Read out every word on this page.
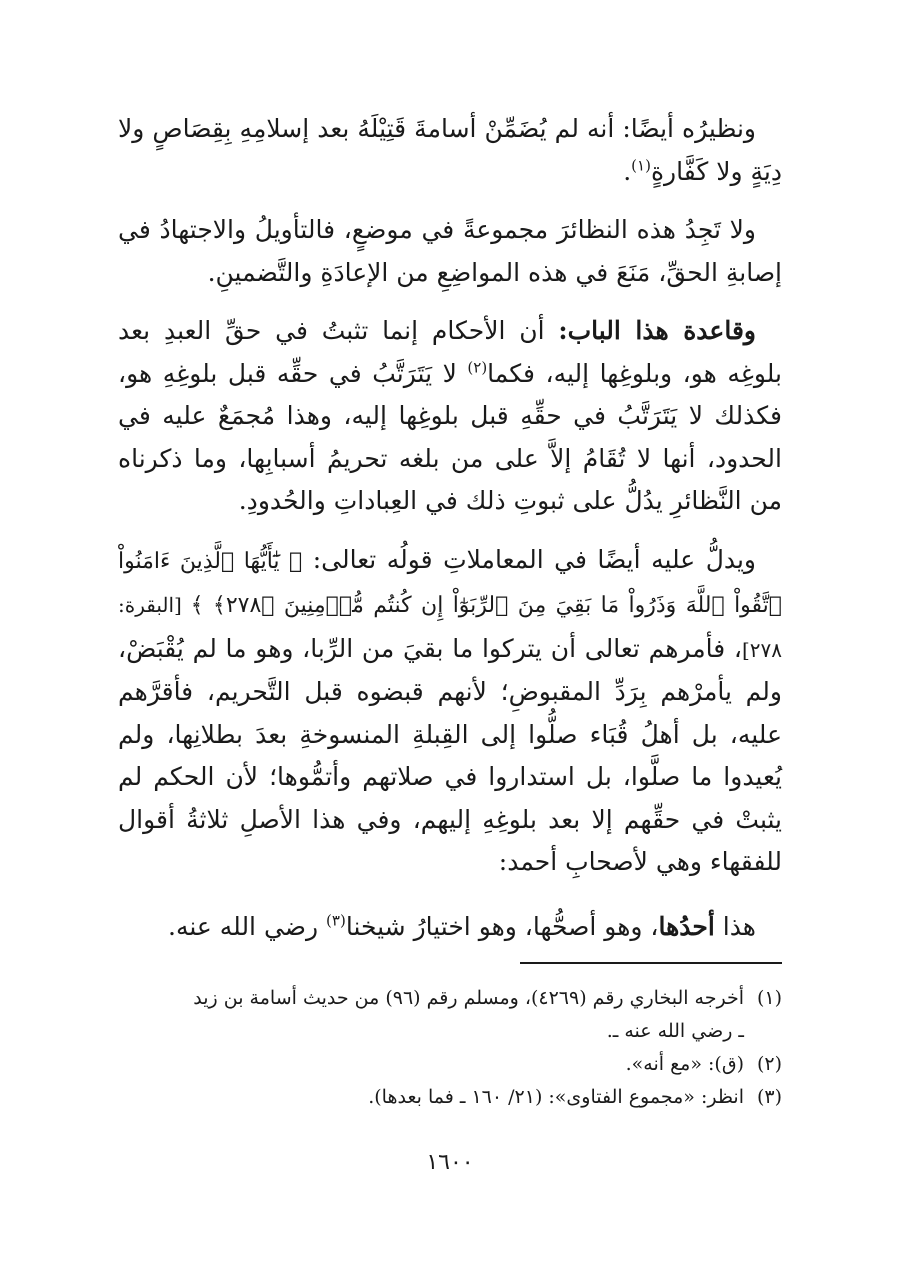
ونظيرُه أيضًا: أنه لم يُضَمِّنْ أسامةَ قَتِيْلَهُ بعد إسلامِهِ بِقِصَاصٍ ولا دِيَةٍ ولا كَفَّارةٍ$^{(١)}$.

ولا تَجِدُ هذه النظائرَ مجموعةً في موضعٍ، فالتأويلُ والاجتهادُ في إصابةِ الحقِّ، مَنَعَ في هذه المواضِعِ من الإعادَةِ والتَّضمينِ.

وقاعدة هذا الباب: أن الأحكام إنما تثبتُ في حقِّ العبدِ بعد بلوغِه هو، وبلوغِها إليه، فكما$^{(٢)}$ لا يَتَرَتَّبُ في حقِّه قبل بلوغِهِ هو، فكذلك لا يَتَرَتَّبُ في حقِّهِ قبل بلوغِها إليه، وهذا مُجمَعٌ عليه في الحدود، أنها لا تُقَامُ إلاَّ على من بلغه تحريمُ أسبابِها، وما ذكرناه من النَّظائرِ يدُلُّ على ثبوتِ ذلك في العِباداتِ والحُدودِ.

ويدلُّ عليه أيضًا في المعاملاتِ قولُه تعالى: ﴿ يَٰٓأَيُّهَا ٱلَّذِينَ ءَامَنُواْ ٱتَّقُواْ ٱللَّهَ وَذَرُواْ مَا بَقِيَ مِنَ ٱلرِّبَوٰٓاْ إِن كُنتُم مُّؤۡمِنِينَ ﴿٢٧٨﴾ ﴾ [البقرة: ٢٧٨]، فأمرهم تعالى أن يتركوا ما بقيَ من الرِّبا، وهو ما لم يُقْبَضْ، ولم يأمرْهم بِرَدِّ المقبوضِ؛ لأنهم قبضوه قبل التَّحريم، فأقرَّهم عليه، بل أهلُ قُبَاء صلُّوا إلى القِبلةِ المنسوخةِ بعدَ بطلانِها، ولم يُعيدوا ما صلَّوا، بل استداروا في صلاتهم وأتمُّوها؛ لأن الحكم لم يثبتْ في حقِّهم إلا بعد بلوغِهِ إليهم، وفي هذا الأصلِ ثلاثةُ أقوال للفقهاء وهي لأصحابِ أحمد:

هذا أحدُها، وهو أصحُّها، وهو اختيارُ شيخنا$^{(٣)}$ رضي الله عنه.

(١)أخرجه البخاري رقم (٤٢٦٩)، ومسلم رقم (٩٦) من حديث أسامة بن زيد

ـ رضي الله عنه ـ.

(٢)(ق): «مع أنه».

(٣)انظر: «مجموع الفتاوى»: (٢١/ ١٦٠ ـ فما بعدها).

١٦٠٠
